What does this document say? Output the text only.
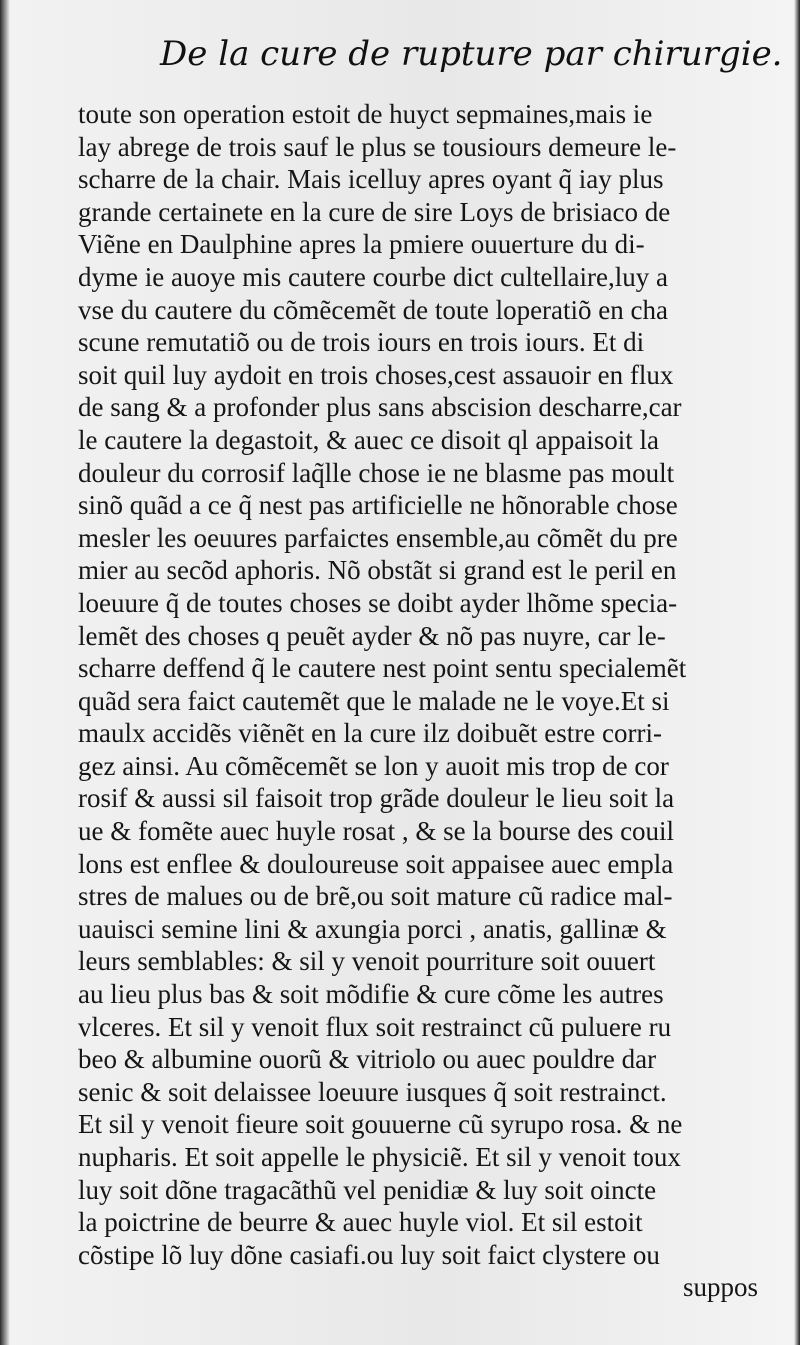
De la cure de rupture par chirurgie.
toute son operation estoit de huyct sepmaines,mais ie
lay abrege de trois sauf le plus se tousiours demeure le-
scharre de la chair. Mais icelluy apres oyant q̃ iay plus
grande certainete en la cure de sire Loys de brisiaco de
Viẽne en Daulphine apres la pmiere ouuerture du di-
dyme ie auoye mis cautere courbe dict cultellaire,luy a
vse du cautere du cõmẽcemẽt de toute loperatiõ en cha
scune remutatiõ ou de trois iours en trois iours. Et di
soit quil luy aydoit en trois choses,cest assauoir en flux
de sang & a profonder plus sans abscision descharre,car
le cautere la degastoit, & auec ce disoit ql appaisoit la
douleur du corrosif laq̃lle chose ie ne blasme pas moult
sinõ quãd a ce q̃ nest pas artificielle ne hõnorable chose
mesler les oeuures parfaictes ensemble,au cõmẽt du pre
mier au secõd aphoris. Nõ obstãt si grand est le peril en
loeuure q̃ de toutes choses se doibt ayder lhõme specia-
lemẽt des choses q peuẽt ayder & nõ pas nuyre, car le-
scharre deffend q̃ le cautere nest point sentu specialemẽt
quãd sera faict cautemẽt que le malade ne le voye.Et si
maulx accidẽs viẽnẽt en la cure ilz doibuẽt estre corri-
gez ainsi. Au cõmẽcemẽt se lon y auoit mis trop de cor
rosif & aussi sil faisoit trop grãde douleur le lieu soit la
ue & fomẽte auec huyle rosat , & se la bourse des couil
lons est enflee & douloureuse soit appaisee auec empla
stres de malues ou de brẽ,ou soit mature cũ radice mal-
uauisci semine lini & axungia porci , anatis, gallinæ &
leurs semblables: & sil y venoit pourriture soit ouuert
au lieu plus bas & soit mõdifie & cure cõme les autres
vlceres. Et sil y venoit flux soit restrainct cũ puluere ru
beo & albumine ouorũ & vitriolo ou auec pouldre dar
senic & soit delaissee loeuure iusques q̃ soit restrainct.
Et sil y venoit fieure soit gouuerne cũ syrupo rosa. & ne
nupharis. Et soit appelle le physiciẽ. Et sil y venoit toux
luy soit dõne tragacãthũ vel penidiæ & luy soit oincte
la poictrine de beurre & auec huyle viol. Et sil estoit
cõstipe lõ luy dõne casiafi.ou luy soit faict clystere ou
suppos
